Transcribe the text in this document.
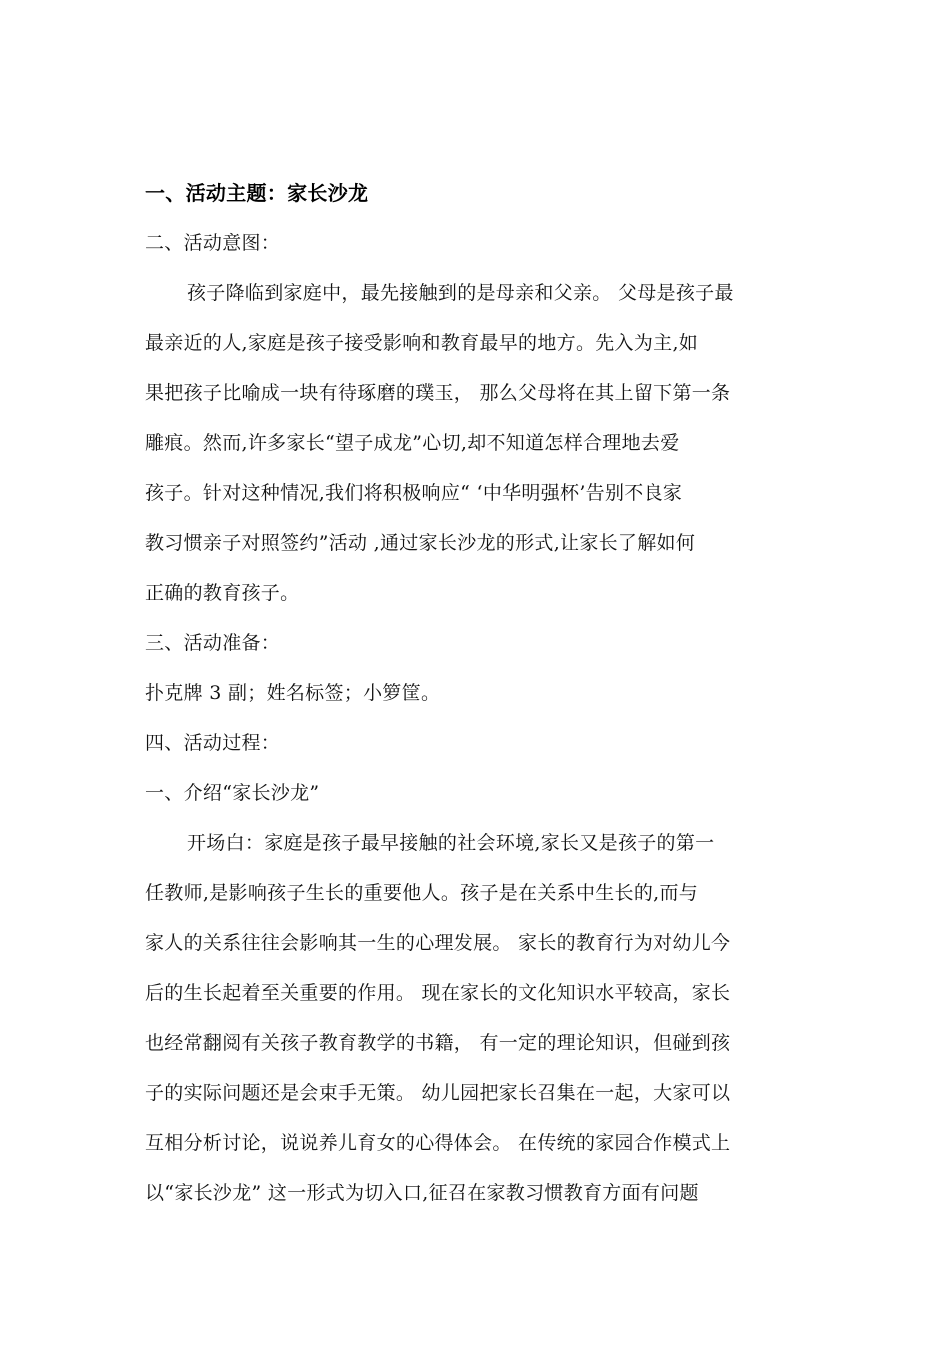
一、活动主题：家长沙龙
二、活动意图：
孩子降临到家庭中，最先接触到的是母亲和父亲。 父母是孩子最
最亲近的人,家庭是孩子接受影响和教育最早的地方。先入为主,如
果把孩子比喻成一块有待琢磨的璞玉， 那么父母将在其上留下第一条
雕痕。然而,许多家长“望子成龙”心切,却不知道怎样合理地去爱
孩子。针对这种情况,我们将积极响应“ ‘中华明强杯’告别不良家
教习惯亲子对照签约”活动 ,通过家长沙龙的形式,让家长了解如何
正确的教育孩子。
三、活动准备：
扑克牌 3 副；姓名标签；小箩筐。
四、活动过程：
一、介绍“家长沙龙”
开场白：家庭是孩子最早接触的社会环境,家长又是孩子的第一
任教师,是影响孩子生长的重要他人。孩子是在关系中生长的,而与
家人的关系往往会影响其一生的心理发展。 家长的教育行为对幼儿今
后的生长起着至关重要的作用。 现在家长的文化知识水平较高，家长
也经常翻阅有关孩子教育教学的书籍， 有一定的理论知识，但碰到孩
子的实际问题还是会束手无策。 幼儿园把家长召集在一起，大家可以
互相分析讨论，说说养儿育女的心得体会。 在传统的家园合作模式上
以“家长沙龙” 这一形式为切入口,征召在家教习惯教育方面有问题
